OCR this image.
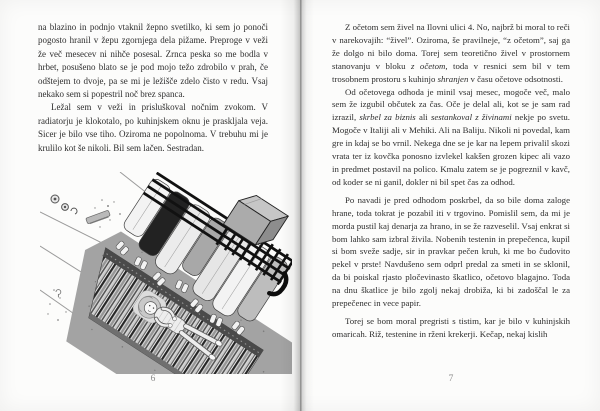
na blazino in podnjo vtaknil žepno svetilko, ki sem jo ponoči pogosto hranil v žepu zgornjega dela pižame. Preproge v veži že več mesecev ni nihče posesal. Zrnca peska so me bodla v hrbet, posušeno blato se je pod mojo težo zdrobilo v prah, če odštejem to dvoje, pa se mi je ležišče zdelo čisto v redu. Vsaj nekako sem si popestril noč brez spanca.

Ležal sem v veži in prisluškoval nočnim zvokom. V radiatorju je klokotalo, po kuhinjskem oknu je praskljala veja. Sicer je bilo vse tiho. Oziroma ne popolnoma. V trebuhu mi je krulilo kot še nikoli. Bil sem lačen. Sestradan.

6

Z očetom sem živel na Ilovni ulici 4. No, najbrž bi moral to reči v narekovajih: “živel”. Oziroma, še pravilneje, “z očetom”, saj ga že dolgo ni bilo doma. Torej sem teoretično živel v prostornem stanovanju v bloku z očetom, toda v resnici sem bil v tem trosobnem prostoru s kuhinjo shranjen v času očetove odsotnosti.

Od očetovega odhoda je minil vsaj mesec, mogoče več, malo sem že izgubil občutek za čas. Oče je delal ali, kot se je sam rad izrazil, skrbel za biznis ali sestankoval z živinami nekje po svetu. Mogoče v Italiji ali v Mehiki. Ali na Baliju. Nikoli ni povedal, kam gre in kdaj se bo vrnil. Nekega dne se je kar na lepem privalil skozi vrata ter iz kovčka ponosno izvlekel kakšen grozen kipec ali vazo in predmet postavil na polico. Kmalu zatem se je pogreznil v kavč, od koder se ni ganil, dokler ni bil spet čas za odhod.

Po navadi je pred odhodom poskrbel, da so bile doma zaloge hrane, toda tokrat je pozabil iti v trgovino. Pomislil sem, da mi je morda pustil kaj denarja za hrano, in se že razveselil. Vsaj enkrat si bom lahko sam izbral živila. Nobenih testenin in prepečenca, kupil si bom sveže sadje, sir in pravkar pečen kruh, ki me bo čudovito pekel v prste! Navdušeno sem odprl predal za smeti in se sklonil, da bi poiskal rjasto pločevinasto škatlico, očetovo blagajno. Toda na dnu škatlice je bilo zgolj nekaj drobiža, ki bi zadoščal le za prepečenec in vece papir.

Torej se bom moral pregristi s tistim, kar je bilo v kuhinjskih omaricah. Riž, testenine in rženi krekerji. Kečap, nekaj kislih

7
